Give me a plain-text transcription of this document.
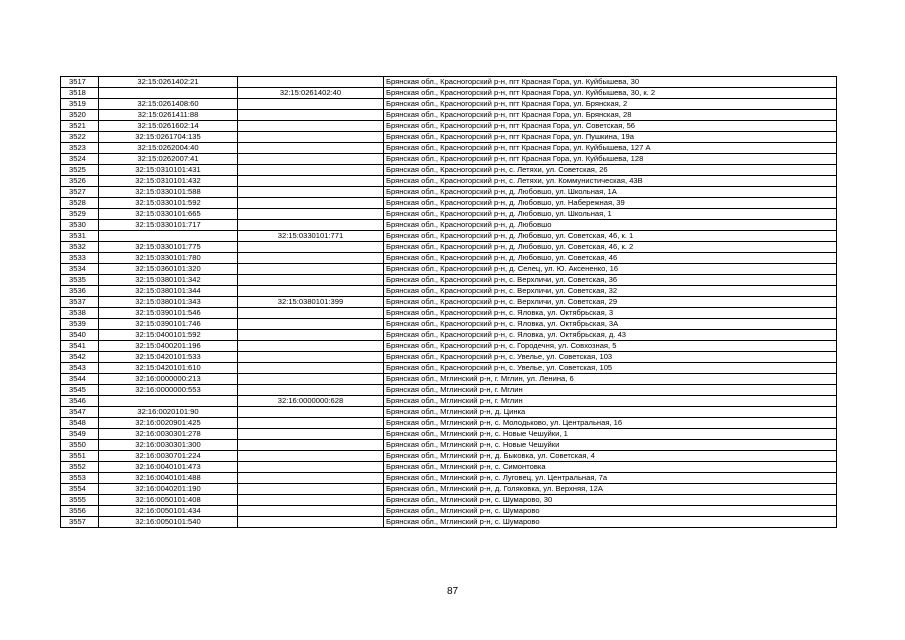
3517	32:15:0261402:21		Брянская обл., Красногорский р-н, пгт Красная Гора, ул. Куйбышева, 30
3518		32:15:0261402:40	Брянская обл., Красногорский р-н, пгт Красная Гора, ул. Куйбышева, 30, к. 2
3519	32:15:0261408:60		Брянская обл., Красногорский р-н, пгт Красная Гора, ул. Брянская, 2
3520	32:15:0261411:88		Брянская обл., Красногорский р-н, пгт Красная Гора, ул. Брянская, 28
3521	32:15:0261602:14		Брянская обл., Красногорский р-н, пгт Красная Гора, ул. Советская, 56
3522	32:15:0261704:135		Брянская обл., Красногорский р-н, пгт Красная Гора, ул. Пушкина, 19а
3523	32:15:0262004:40		Брянская обл., Красногорский р-н, пгт Красная Гора, ул. Куйбышева, 127 А
3524	32:15:0262007:41		Брянская обл., Красногорский р-н, пгт Красная Гора, ул. Куйбышева, 128
3525	32:15:0310101:431		Брянская обл., Красногорский р-н, с. Летяхи, ул. Советская, 26
3526	32:15:0310101:432		Брянская обл., Красногорский р-н, с. Летяхи, ул. Коммунистическая, 43В
3527	32:15:0330101:588		Брянская обл., Красногорский р-н, д. Любовшо, ул. Школьная, 1А
3528	32:15:0330101:592		Брянская обл., Красногорский р-н, д. Любовшо, ул. Набережная, 39
3529	32:15:0330101:665		Брянская обл., Красногорский р-н, д. Любовшо, ул. Школьная, 1
3530	32:15:0330101:717		Брянская обл., Красногорский р-н, д. Любовшо
3531		32:15:0330101:771	Брянская обл., Красногорский р-н, д. Любовшо, ул. Советская, 46, к. 1
3532	32:15:0330101:775		Брянская обл., Красногорский р-н, д. Любовшо, ул. Советская, 46, к. 2
3533	32:15:0330101:780		Брянская обл., Красногорский р-н, д. Любовшо, ул. Советская, 46
3534	32:15:0360101:320		Брянская обл., Красногорский р-н, д. Селец, ул. Ю. Аксененко, 16
3535	32:15:0380101:342		Брянская обл., Красногорский р-н, с. Верхличи, ул. Советская, 36
3536	32:15:0380101:344		Брянская обл., Красногорский р-н, с. Верхличи, ул. Советская, 32
3537	32:15:0380101:343	32:15:0380101:399	Брянская обл., Красногорский р-н, с. Верхличи, ул. Советская, 29
3538	32:15:0390101:546		Брянская обл., Красногорский р-н, с. Яловка, ул. Октябрьская, 3
3539	32:15:0390101:746		Брянская обл., Красногорский р-н, с. Яловка, ул. Октябрьская, 3А
3540	32:15:0400101:592		Брянская обл., Красногорский р-н, с. Яловка, ул. Октябрьская, д. 43
3541	32:15:0400201:196		Брянская обл., Красногорский р-н, с. Городечня, ул. Совхозная, 5
3542	32:15:0420101:533		Брянская обл., Красногорский р-н, с. Увелье, ул. Советская, 103
3543	32:15:0420101:610		Брянская обл., Красногорский р-н, с. Увелье, ул. Советская, 105
3544	32:16:0000000:213		Брянская обл., Мглинский р-н, г. Мглин, ул. Ленина, 6
3545	32:16:0000000:553		Брянская обл., Мглинский р-н, г. Мглин
3546		32:16:0000000:628	Брянская обл., Мглинский р-н, г. Мглин
3547	32:16:0020101:90		Брянская обл., Мглинский р-н, д. Цинка
3548	32:16:0020901:425		Брянская обл., Мглинский р-н, с. Молодьково, ул. Центральная, 16
3549	32:16:0030301:278		Брянская обл., Мглинский р-н, с. Новые Чешуйки, 1
3550	32:16:0030301:300		Брянская обл., Мглинский р-н, с. Новые Чешуйки
3551	32:16:0030701:224		Брянская обл., Мглинский р-н, д. Быковка, ул. Советская, 4
3552	32:16:0040101:473		Брянская обл., Мглинский р-н, с. Симонтовка
3553	32:16:0040101:488		Брянская обл., Мглинский р-н, с. Луговец, ул. Центральная, 7а
3554	32:16:0040201:190		Брянская обл., Мглинский р-н, д. Голяковка, ул. Верхняя, 12А
3555	32:16:0050101:408		Брянская обл., Мглинский р-н, с. Шумарово, 30
3556	32:16:0050101:434		Брянская обл., Мглинский р-н, с. Шумарово
3557	32:16:0050101:540		Брянская обл., Мглинский р-н, с. Шумарово
87
